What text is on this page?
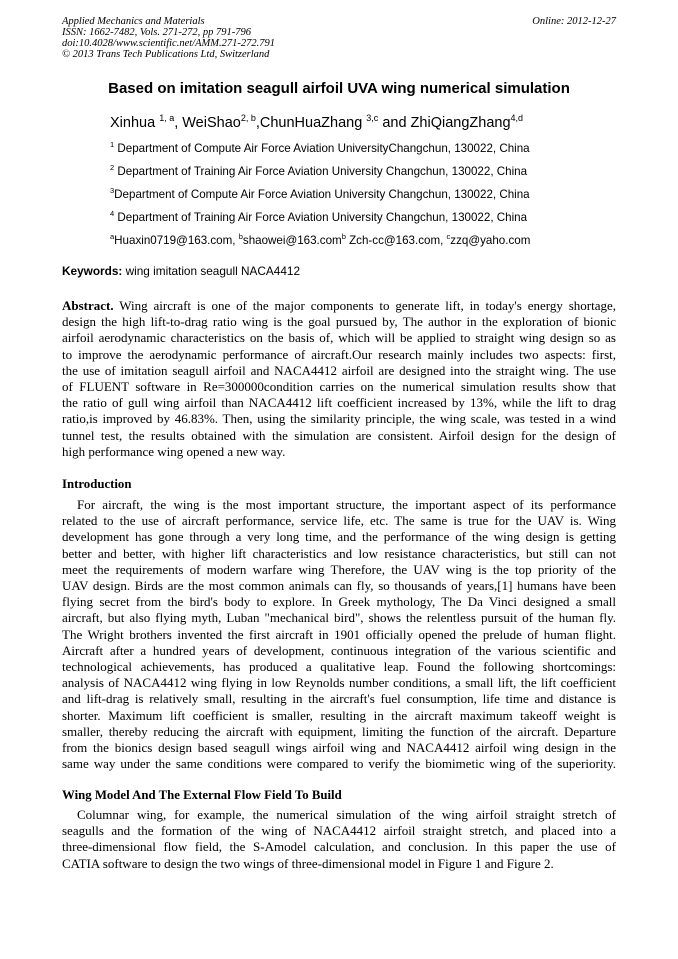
Applied Mechanics and Materials
ISSN: 1662-7482, Vols. 271-272, pp 791-796
doi:10.4028/www.scientific.net/AMM.271-272.791
© 2013 Trans Tech Publications Ltd, Switzerland
Online: 2012-12-27
Based on imitation seagull airfoil UVA wing numerical simulation
Xinhua $^{1, a}$, WeiShao$^{2, b}$,ChunHuaZhang $^{3,c}$ and ZhiQiangZhang$^{4,d}$
$^1$ Department of Compute Air Force Aviation UniversityChangchun, 130022, China
$^2$ Department of Training Air Force Aviation University Changchun, 130022, China
$^3$Department of Compute Air Force Aviation University Changchun, 130022, China
$^4$ Department of Training Air Force Aviation University Changchun, 130022, China
$^a$Huaxin0719@163.com, $^b$shaowei@163.com$^b$ Zch-cc@163.com, $^c$zzq@yaho.com
Keywords: wing imitation seagull NACA4412
Abstract. Wing aircraft is one of the major components to generate lift, in today's energy shortage,
design the high lift-to-drag ratio wing is the goal pursued by, The author in the exploration of bionic
airfoil aerodynamic characteristics on the basis of, which will be applied to straight wing design so as
to improve the aerodynamic performance of aircraft.Our research mainly includes two aspects: first,
the use of imitation seagull airfoil and NACA4412 airfoil are designed into the straight wing. The use
of FLUENT software in Re=300000condition carries on the numerical simulation results show that
the ratio of gull wing airfoil than NACA4412 lift coefficient increased by 13%, while the lift to drag
ratio,is improved by 46.83%. Then, using the similarity principle, the wing scale, was tested in a wind
tunnel test, the results obtained with the simulation are consistent. Airfoil design for the design of
high performance wing opened a new way.
Introduction
For aircraft, the wing is the most important structure, the important aspect of its performance
related to the use of aircraft performance, service life, etc. The same is true for the UAV is. Wing
development has gone through a very long time, and the performance of the wing design is getting
better and better, with higher lift characteristics and low resistance characteristics, but still can not
meet the requirements of modern warfare wing Therefore, the UAV wing is the top priority of the
UAV design. Birds are the most common animals can fly, so thousands of years,[1] humans have been
flying secret from the bird's body to explore. In Greek mythology, The Da Vinci designed a small
aircraft, but also flying myth, Luban "mechanical bird", shows the relentless pursuit of the human fly.
The Wright brothers invented the first aircraft in 1901 officially opened the prelude of human flight.
Aircraft after a hundred years of development, continuous integration of the various scientific and
technological achievements, has produced a qualitative leap. Found the following shortcomings:
analysis of NACA4412 wing flying in low Reynolds number conditions, a small lift, the lift coefficient
and lift-drag is relatively small, resulting in the aircraft's fuel consumption, life time and distance is
shorter. Maximum lift coefficient is smaller, resulting in the aircraft maximum takeoff weight is
smaller, thereby reducing the aircraft with equipment, limiting the function of the aircraft. Departure
from the bionics design based seagull wings airfoil wing and NACA4412 airfoil wing design in the
same way under the same conditions were compared to verify the biomimetic wing of the superiority.
Wing Model And The External Flow Field To Build
Columnar wing, for example, the numerical simulation of the wing airfoil straight stretch of
seagulls and the formation of the wing of NACA4412 airfoil straight stretch, and placed into a
three-dimensional flow field, the S-Amodel calculation, and conclusion. In this paper the use of
CATIA software to design the two wings of three-dimensional model in Figure 1 and Figure 2.
